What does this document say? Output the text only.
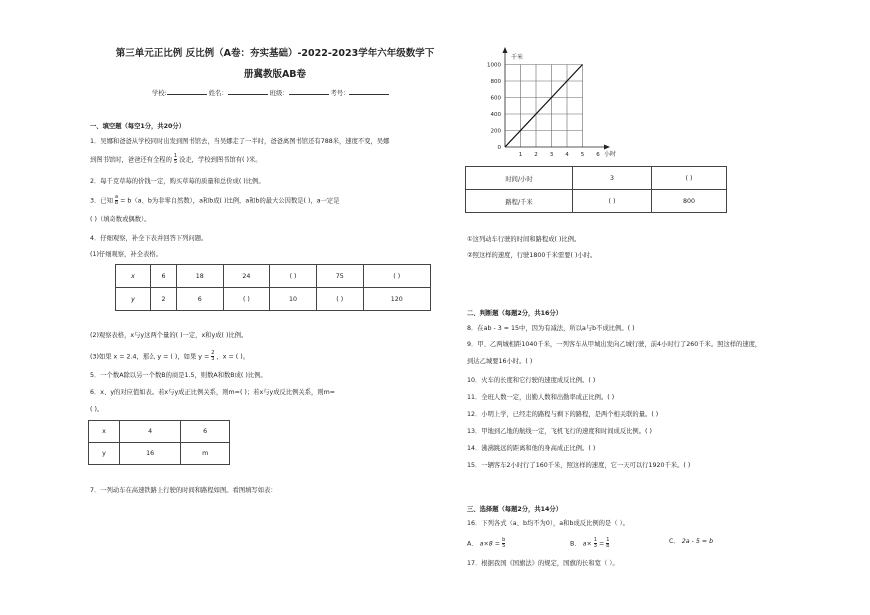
第三单元正比例 反比例（A卷：夯实基础）-2022-2023学年六年级数学下
册冀教版AB卷
学校:	姓名：	班级：	考号：
一、填空题（每空1分，共20分）
1．吴娜和爸爸从学校同时出发到图书馆去，当吴娜走了一半时，爸爸离图书馆还有788米，速度不变，吴娜
到图书馆时，爸爸还有全程的 $\frac{1}{5}$ 没走，学校到图书馆有( )米。
2．每千克草莓的价钱一定，购买草莓的质量和总价成( )比例。
3．已知 $\frac{a}{8} = b(a$、b为非零自然数），a和b成( )比例，a和b的最大公因数是( )，a一定是
( )（填奇数或偶数）。
4．仔细观察，补全下表并回答下列问题。
(1)仔细观察，补全表格。
x	6	18	24	( )	75	( )
y	2	6	( )	10	( )	120
(2)观察表格，x与y这两个量的( )一定，x和y成( )比例。
(3)如果 x = 2.4，那么 y = ( )，如果 $y = \frac{2}{3}$ ，x = ( )。
5．一个数A除以另一个数B的商是1.5，则数A和数B成( )比例。
6．x、y的对应值如表。若x与y成正比例关系，则m=( )；若x与y成反比例关系，则m=
( )。
x	4	6
y	16	m
7．一列动车在高速铁路上行驶的时间和路程如图。看图填写如表：
1 2 3 4 5 6
0
200
400
600
800
1000
千米
小时
时间/小时	3	( )
路程/千米	( )	800
①这列动车行驶的时间和路程成( )比例。
②照这样的速度，行驶1800千米需要( )小时。
二、判断题（每题2分，共16分）
8．在ab - 3 = 15中，因为有减法，所以a与b不成比例。( )
9．甲、乙两城相距1040千米，一列客车从甲城出发向乙城行驶，前4小时行了260千米。照这样的速度，
到达乙城要16小时。( )
10．火车的长度和它行驶的速度成反比例。( )
11．全班人数一定，出勤人数和出勤率成正比例。( )
12．小明上学，已经走的路程与剩下的路程，是两个相关联的量。( )
13．甲地到乙地的航线一定，飞机飞行的速度和时间成反比例。( )
14．沸沸跳远的距离和他的身高成正比例。( )
15．一辆客车2小时行了160千米，照这样的速度，它一天可以行1920千米。( )
三、选择题（每题2分，共14分）
16．下列各式（a、b均不为0），a和b成反比例的是（ ）。
A． $a\times 8 = \frac{b}{5}$	B． $a\times \frac{1}{3} = \frac{1}{b}$	C． 2a - 5 = b
17．根据我国《国旗法》的规定，国旗的长和宽（ ）。
